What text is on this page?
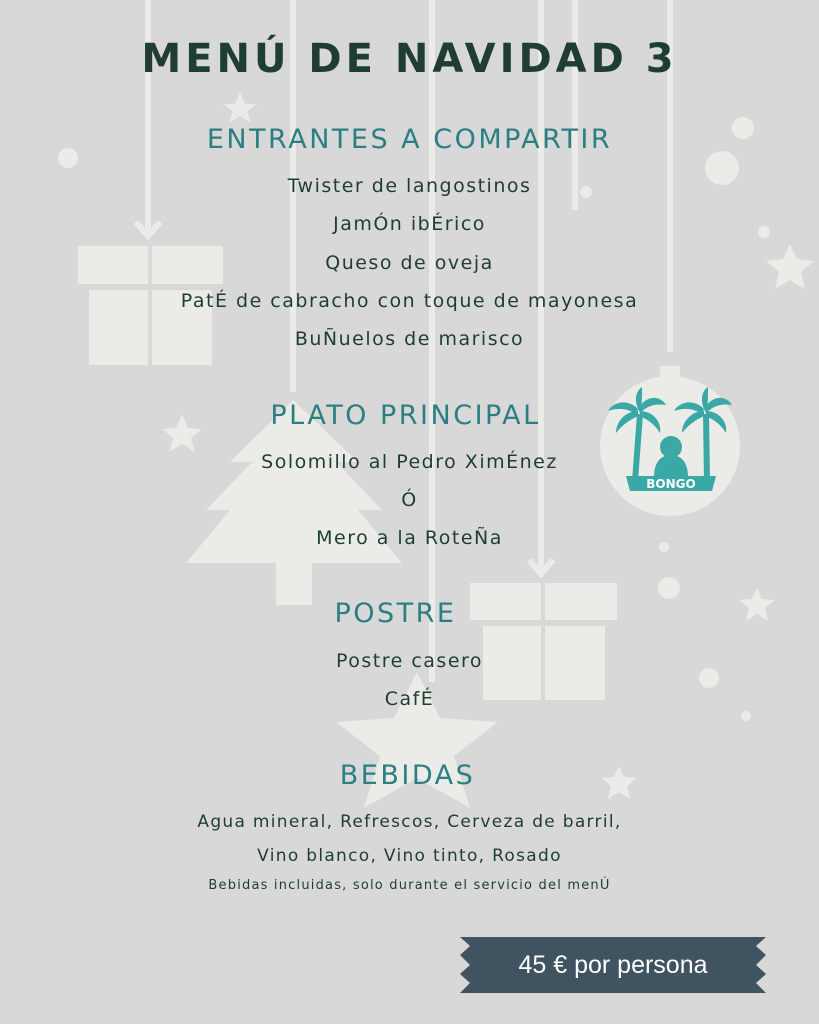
BONGO
MENÚ DE NAVIDAD 3

ENTRANTES A COMPARTIR

Twister de langostinos

JamÓn ibÉrico

Queso de oveja

PatÉ de cabracho con toque de mayonesa

BuÑuelos de marisco

PLATO PRINCIPAL

Solomillo al Pedro XimÉnez

Ó

Mero a la RoteÑa

POSTRE

Postre casero

CafÉ

BEBIDAS

Agua mineral, Refrescos, Cerveza de barril,

Vino blanco, Vino tinto, Rosado

Bebidas incluidas, solo durante el servicio del menÚ

45 € por persona
